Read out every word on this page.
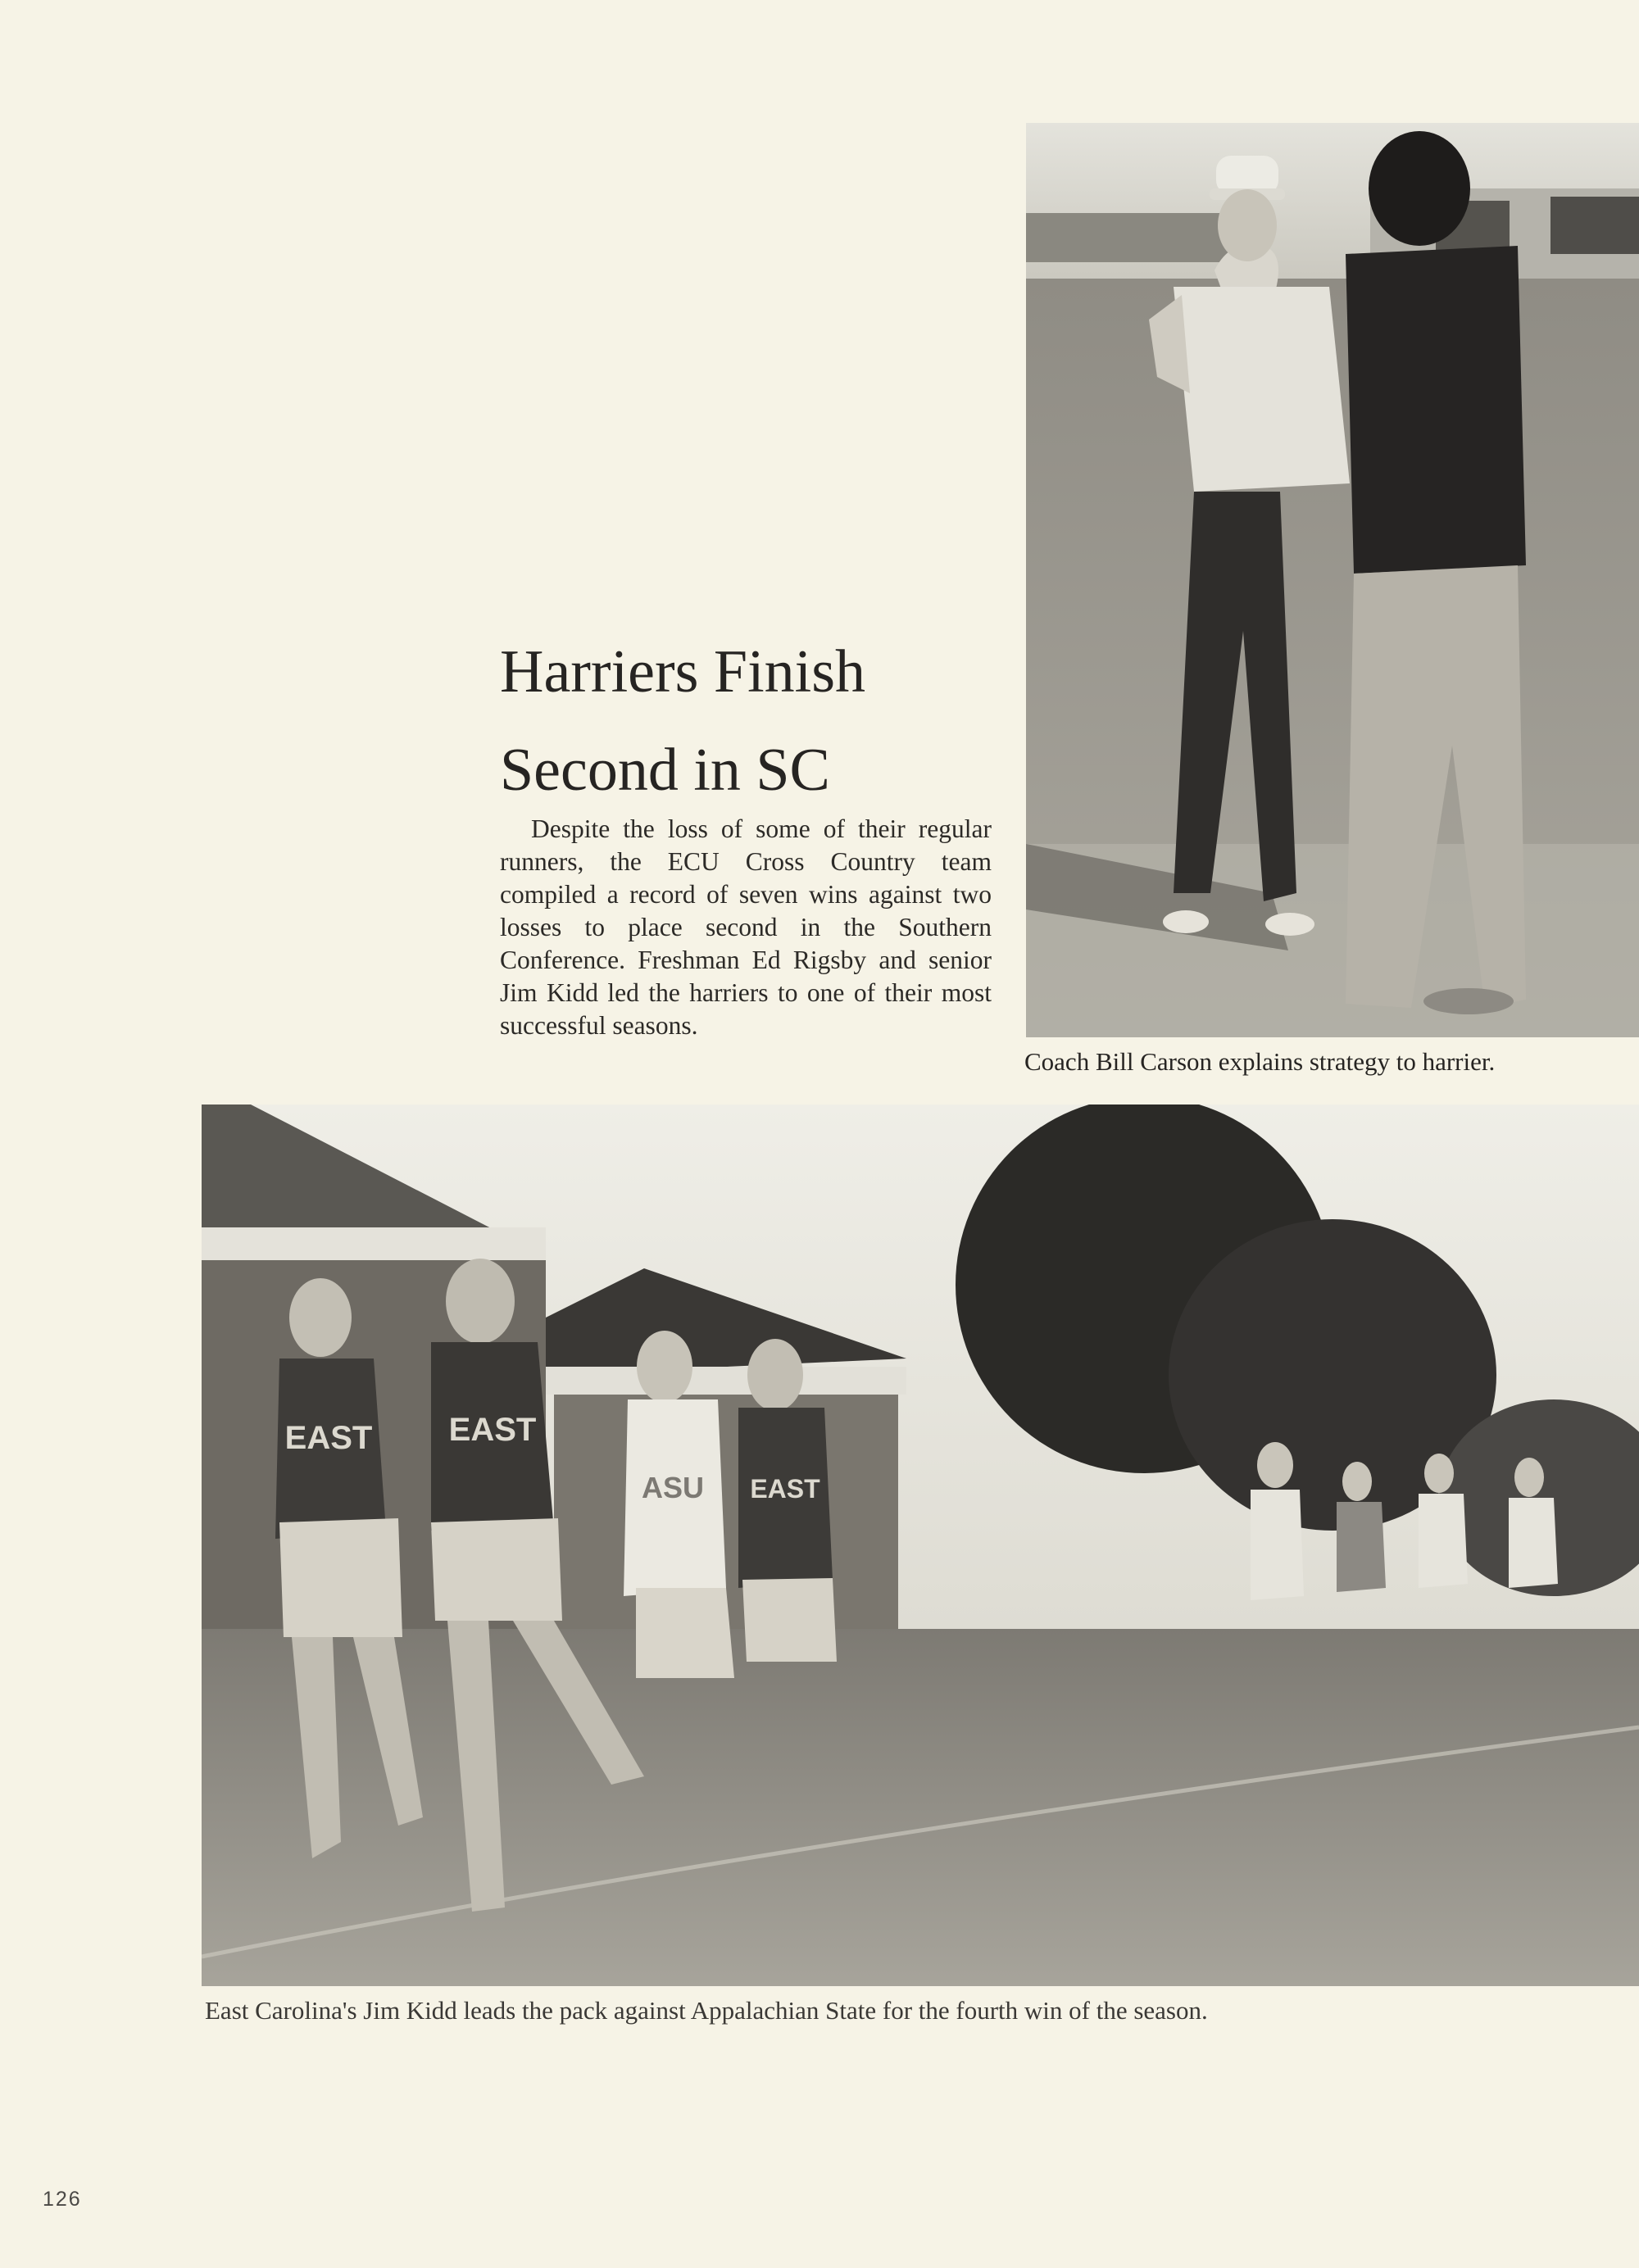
Harriers Finish
Second in SC

Despite the loss of some of their regular runners, the ECU Cross Country team compiled a record of seven wins against two losses to place second in the Southern Conference. Freshman Ed Rigsby and senior Jim Kidd led the harriers to one of their most successful seasons.

Coach Bill Carson explains strategy to harrier.
EAST EAST
ASU EAST
East Carolina's Jim Kidd leads the pack against Appalachian State for the fourth win of the season.
126
